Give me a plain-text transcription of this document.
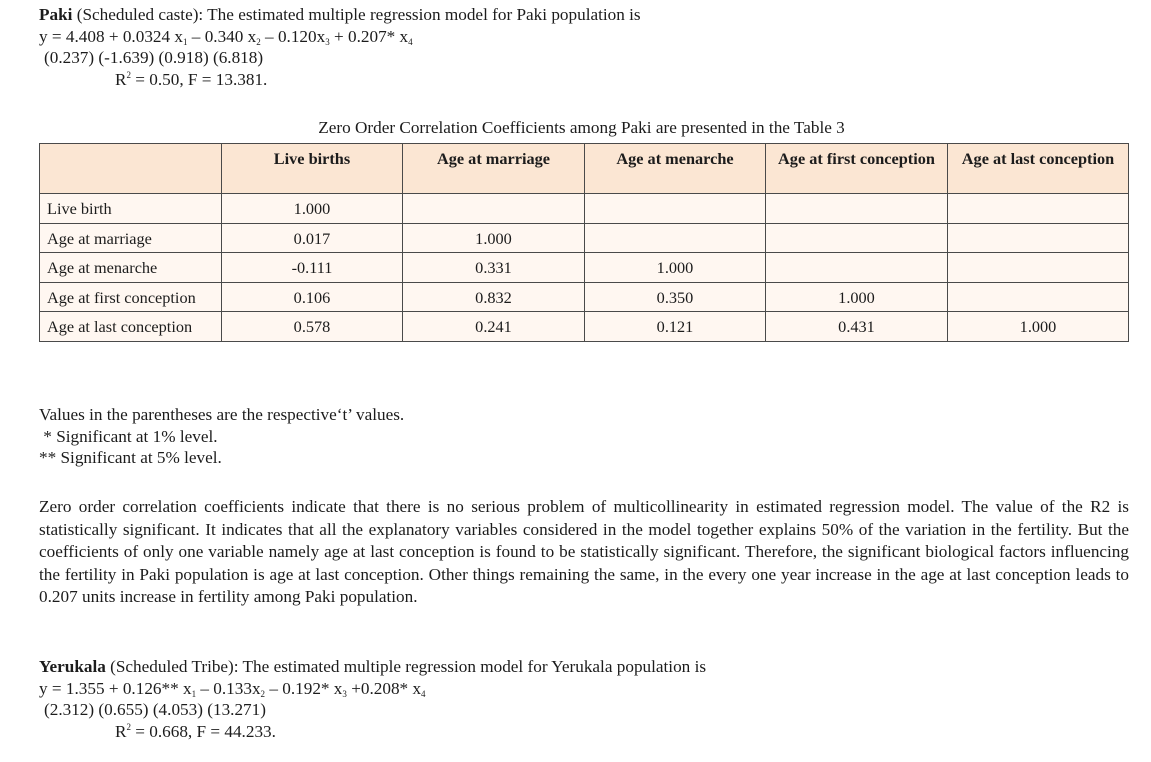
Paki (Scheduled caste): The estimated multiple regression model for Paki population is
y = 4.408 + 0.0324 $x_1 - 0.340$ $x_2 - 0.120x_3 + 0.207*$ $x_4$
(0.237) (-1.639) (0.918) (6.818)
$R^2 = 0.50$, F = 13.381.
Zero Order Correlation Coefficients among Paki are presented in the Table 3
	Live births	Age at marriage	Age at menarche	Age at first conception	Age at last conception
Live birth	1.000				
Age at marriage	0.017	1.000			
Age at menarche	-0.111	0.331	1.000		
Age at first conception	0.106	0.832	0.350	1.000	
Age at last conception	0.578	0.241	0.121	0.431	1.000
Values in the parentheses are the respective‘t’ values.
* Significant at 1% level.
** Significant at 5% level.
Zero order correlation coefficients indicate that there is no serious problem of multicollinearity in estimated regression model. The value of the R2 is statistically significant. It indicates that all the explanatory variables considered in the model together explains 50% of the variation in the fertility. But the coefficients of only one variable namely age at last conception is found to be statistically significant. Therefore, the significant biological factors influencing the fertility in Paki population is age at last conception. Other things remaining the same, in the every one year increase in the age at last conception leads to 0.207 units increase in fertility among Paki population.
Yerukala (Scheduled Tribe): The estimated multiple regression model for Yerukala population is
y = 1.355 + 0.126** $x_1 - 0.133x_2 - 0.192*$ $x_3 +0.208*$ $x_4$
(2.312) (0.655) (4.053) (13.271)
$R^2 = 0.668$, F = 44.233.
